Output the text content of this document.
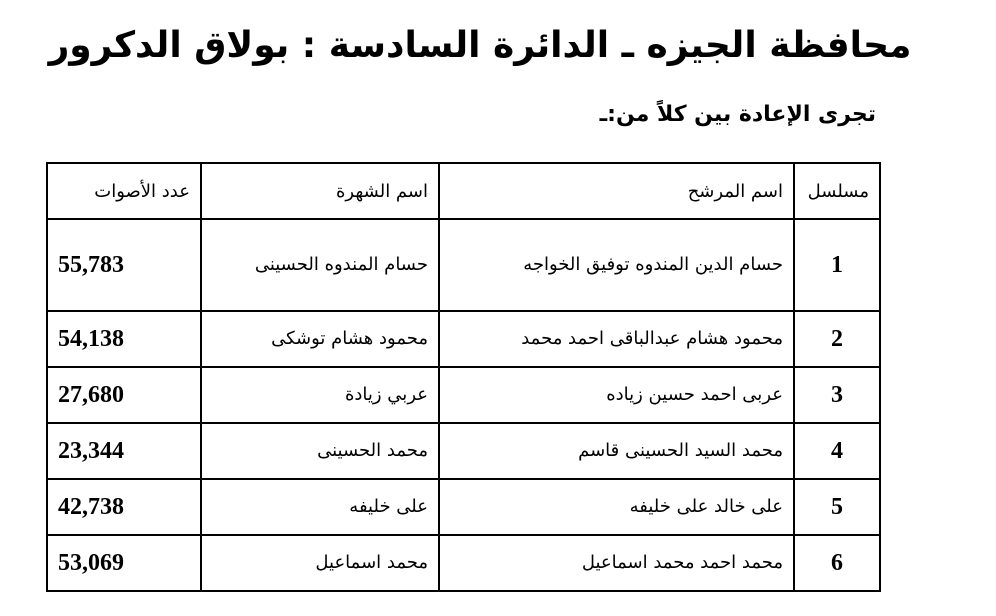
محافظة الجيزه ـ الدائرة السادسة : بولاق الدكرور
تجرى الإعادة بين كلاً من:ـ
مسلسل	اسم المرشح	اسم الشهرة	عدد الأصوات
1	حسام الدين المندوه توفيق الخواجه	حسام المندوه الحسينى	55,783
2	محمود هشام عبدالباقى احمد محمد	محمود هشام توشكى	54,138
3	عربى احمد حسين زياده	عربي زيادة	27,680
4	محمد السيد الحسينى قاسم	محمد الحسينى	23,344
5	على خالد على خليفه	على خليفه	42,738
6	محمد احمد محمد اسماعيل	محمد اسماعيل	53,069
